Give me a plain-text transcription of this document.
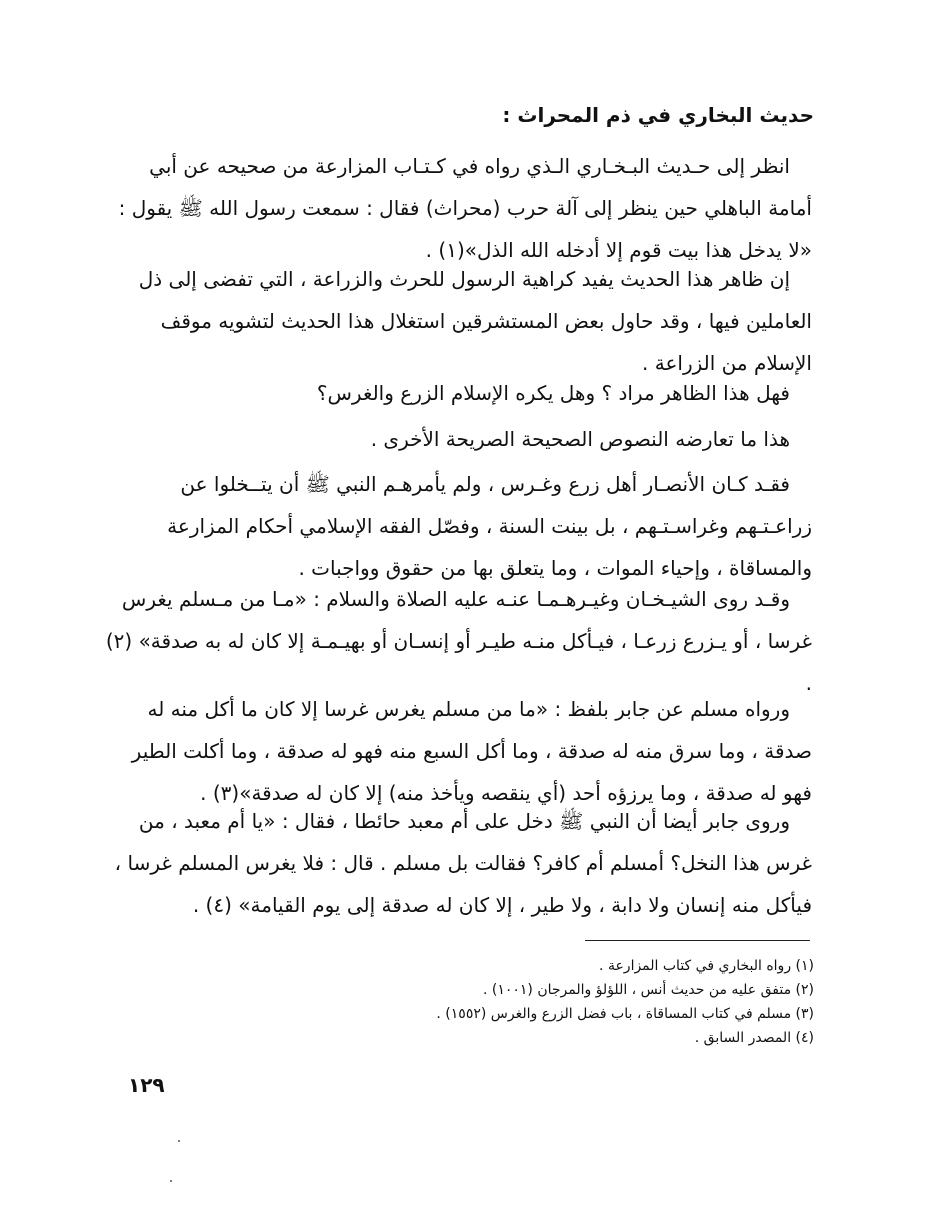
حديث البخاري في ذم المحراث :

انظر إلى حـديث البـخـاري الـذي رواه في كـتـاب المزارعة من صحيحه عن أبي أمامة الباهلي حين ينظر إلى آلة حرب (محراث) فقال : سمعت رسول الله ﷺ يقول : «لا يدخل هذا بيت قوم إلا أدخله الله الذل»(١) .

إن ظاهر هذا الحديث يفيد كراهية الرسول للحرث والزراعة ، التي تفضى إلى ذل العاملين فيها ، وقد حاول بعض المستشرقين استغلال هذا الحديث لتشويه موقف الإسلام من الزراعة .

فهل هذا الظاهر مراد ؟ وهل يكره الإسلام الزرع والغرس؟

هذا ما تعارضه النصوص الصحيحة الصريحة الأخرى .

فقـد كـان الأنصـار أهل زرع وغـرس ، ولم يأمرهـم النبي ﷺ أن يتــخلوا عن زراعـتـهم وغراسـتـهم ، بل بينت السنة ، وفصّل الفقه الإسلامي أحكام المزارعة والمساقاة ، وإحياء الموات ، وما يتعلق بها من حقوق وواجبات .

وقـد روى الشيـخـان وغيـرهـمـا عنـه عليه الصلاة والسلام : «مـا من مـسلم يغرس غرسا ، أو يـزرع زرعـا ، فيـأكل منـه طيـر أو إنسـان أو بهيـمـة إلا كان له به صدقة» (٢) .

ورواه مسلم عن جابر بلفظ : «ما من مسلم يغرس غرسا إلا كان ما أكل منه له صدقة ، وما سرق منه له صدقة ، وما أكل السبع منه فهو له صدقة ، وما أكلت الطير فهو له صدقة ، وما يرزؤه أحد (أي ينقصه ويأخذ منه) إلا كان له صدقة»(٣) .

وروى جابر أيضا أن النبي ﷺ دخل على أم معبد حائطا ، فقال : «يا أم معبد ، من غرس هذا النخل؟ أمسلم أم كافر؟ فقالت بل مسلم . قال : فلا يغرس المسلم غرسا ، فيأكل منه إنسان ولا دابة ، ولا طير ، إلا كان له صدقة إلى يوم القيامة» (٤) .

(١) رواه البخاري في كتاب المزارعة .
(٢) متفق عليه من حديث أنس ، اللؤلؤ والمرجان (١٠٠١) .
(٣) مسلم في كتاب المساقاة ، باب فضل الزرع والغرس (١٥٥٢) .
(٤) المصدر السابق .
١٢٩
